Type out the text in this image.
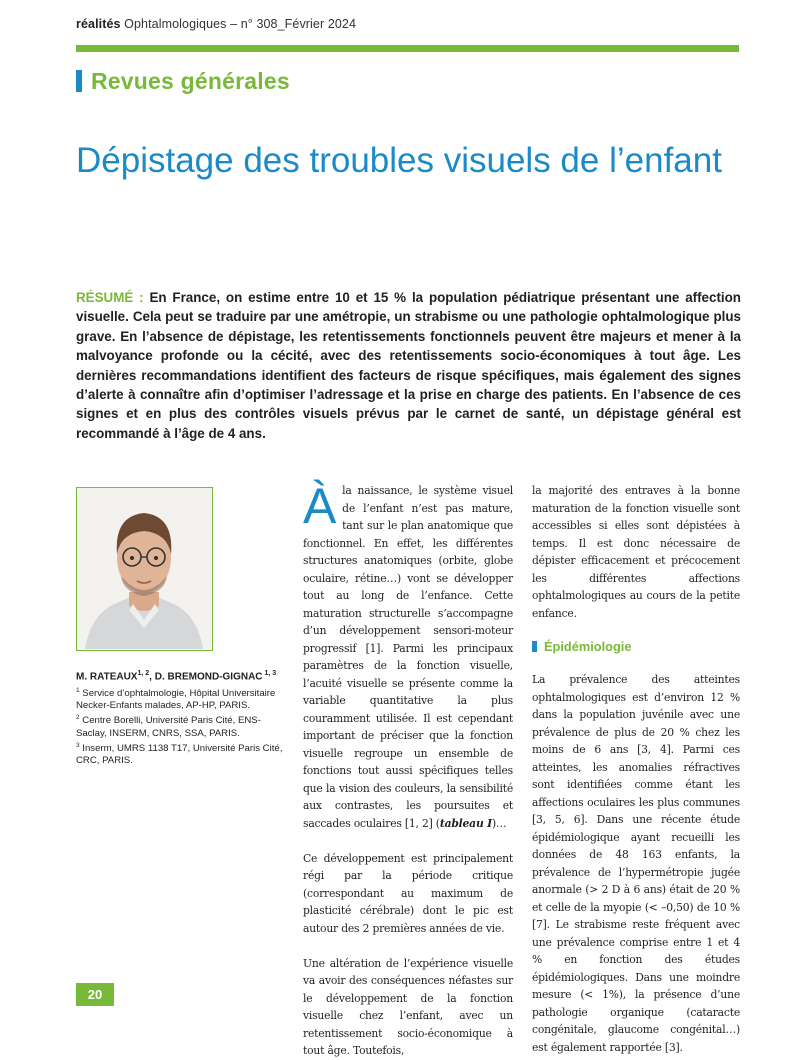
réalités Ophtalmologiques – n° 308_Février 2024
Revues générales
Dépistage des troubles visuels de l’enfant

RÉSUMÉ : En France, on estime entre 10 et 15 % la population pédiatrique présentant une affection visuelle. Cela peut se traduire par une amétropie, un strabisme ou une pathologie ophtalmologique plus grave. En l’absence de dépistage, les retentissements fonctionnels peuvent être majeurs et mener à la malvoyance profonde ou la cécité, avec des retentissements socio-économiques à tout âge. Les dernières recommandations identifient des facteurs de risque spécifiques, mais également des signes d’alerte à connaître afin d’optimiser l’adressage et la prise en charge des patients. En l’absence de ces signes et en plus des contrôles visuels prévus par le carnet de santé, un dépistage général est recommandé à l’âge de 4 ans.

M. RATEAUX$^{1, 2}$, D. BREMOND-GIGNAC $^{1, 3}$
$^1$ Service d’ophtalmologie, Hôpital Universitaire Necker-Enfants malades, AP-HP, PARIS.
$^2$ Centre Borelli, Université Paris Cité, ENS-Saclay, INSERM, CNRS, SSA, PARIS.
$^3$ Inserm, UMRS 1138 T17, Université Paris Cité, CRC, PARIS.

Àla naissance, le système visuel de l’enfant n’est pas mature, tant sur le plan anatomique que fonctionnel. En effet, les différentes structures anatomiques (orbite, globe oculaire, rétine…) vont se développer tout au long de l’enfance. Cette maturation structurelle s’accompagne d’un développement sensori-moteur progressif [1]. Parmi les principaux paramètres de la fonction visuelle, l’acuité visuelle se présente comme la variable quantitative la plus couramment utilisée. Il est cependant important de préciser que la fonction visuelle regroupe un ensemble de fonctions tout aussi spécifiques telles que la vision des couleurs, la sensibilité aux contrastes, les poursuites et saccades oculaires [1, 2] (tableau I)…

Ce développement est principalement régi par la période critique (correspondant au maximum de plasticité cérébrale) dont le pic est autour des 2 premières années de vie.

Une altération de l’expérience visuelle va avoir des conséquences néfastes sur le développement de la fonction visuelle chez l’enfant, avec un retentissement socio-économique à tout âge. Toutefois,

la majorité des entraves à la bonne maturation de la fonction visuelle sont accessibles si elles sont dépistées à temps. Il est donc nécessaire de dépister efficacement et précocement les différentes affections ophtalmologiques au cours de la petite enfance.

Épidémiologie

La prévalence des atteintes ophtalmologiques est d’environ 12 % dans la population juvénile avec une prévalence de plus de 20 % chez les moins de 6 ans [3, 4]. Parmi ces atteintes, les anomalies réfractives sont identifiées comme étant les affections oculaires les plus communes [3, 5, 6]. Dans une récente étude épidémiologique ayant recueilli les données de 48 163 enfants, la prévalence de l’hypermétropie jugée anormale (> 2 D à 6 ans) était de 20 % et celle de la myopie (< –0,50) de 10 % [7]. Le strabisme reste fréquent avec une prévalence comprise entre 1 et 4 % en fonction des études épidémiologiques. Dans une moindre mesure (< 1%), la présence d’une pathologie organique (cataracte congénitale, glaucome congénital…) est également rapportée [3].

20
